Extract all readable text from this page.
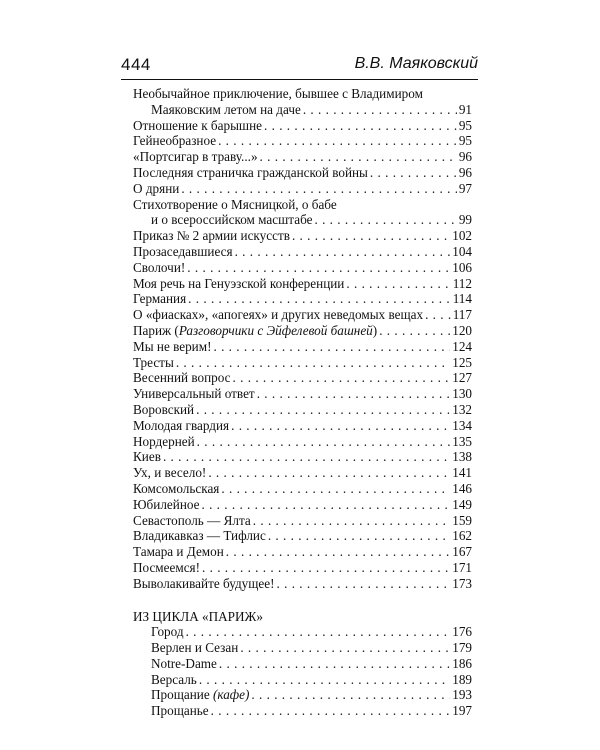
444	В.В. Маяковский
Необычайное приключение, бывшее с Владимиром
Маяковским летом на даче . . .	91
Отношение к барышне . . .	95
Гейнеобразное . . .	95
«Портсигар в траву...» . . .	96
Последняя страничка гражданской войны . . .	96
О дряни . . .	97
Стихотворение о Мясницкой, о бабе
и о всероссийском масштабе . . .	99
Приказ № 2 армии искусств . . .	102
Прозаседавшиеся . . .	104
Сволочи! . . .	106
Моя речь на Генуэзской конференции . . .	112
Германия . . .	114
О «фиасках», «апогеях» и других неведомых вещах . . . 117
Париж (Разговорчики с Эйфелевой башней) . . .	120
Мы не верим! . . .	124
Тресты . . .	125
Весенний вопрос . . .	127
Универсальный ответ . . .	130
Воровский . . .	132
Молодая гвардия . . .	134
Нордерней . . .	135
Киев . . .	138
Ух, и весело! . . .	141
Комсомольская . . .	146
Юбилейное . . .	149
Севастополь — Ялта . . .	159
Владикавказ — Тифлис . . .	162
Тамара и Демон . . .	167
Посмеемся! . . .	171
Выволакивайте будущее! . . .	173
ИЗ ЦИКЛА «ПАРИЖ»
Город . . .	176
Верлен и Сезан . . .	179
Notre-Dame . . .	186
Версаль . . .	189
Прощание (кафе) . . .	193
Прощанье . . .	197
